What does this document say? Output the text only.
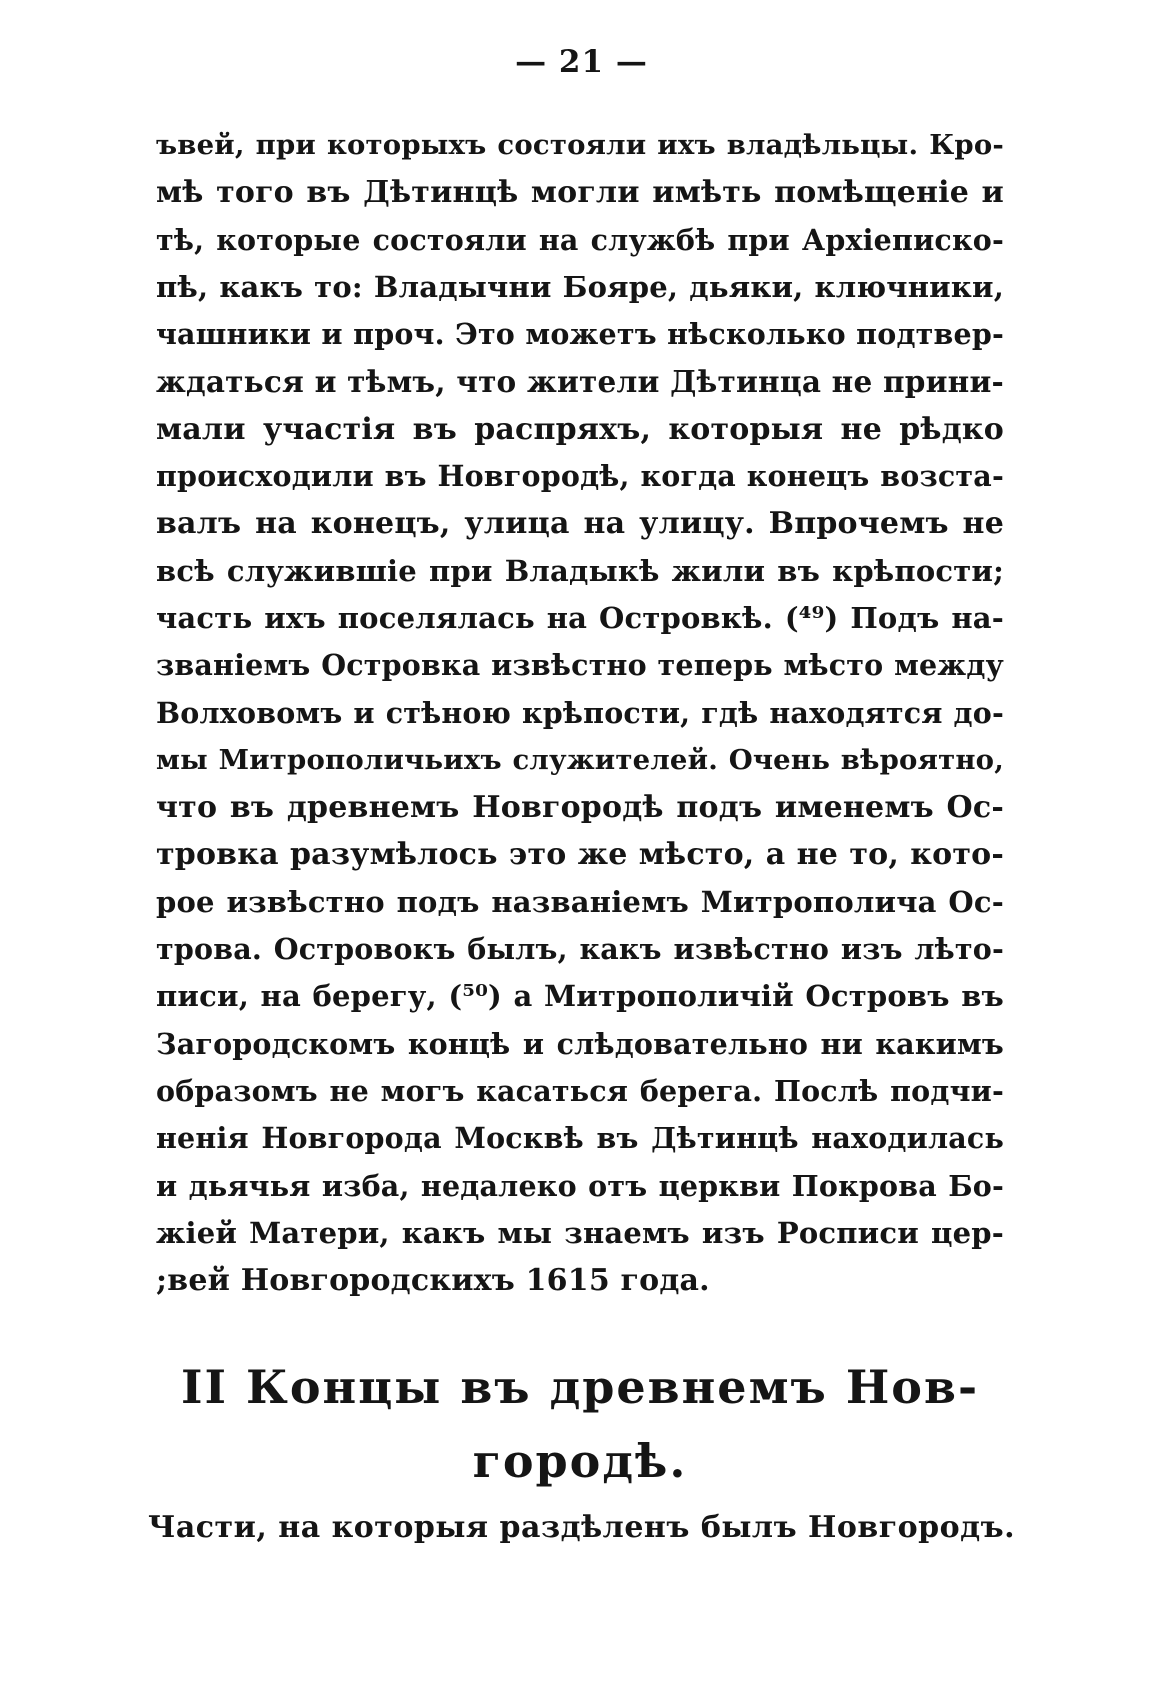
— 21 —
ъвей, при которыхъ состояли ихъ владѣльцы. Кро-
мѣ того въ Дѣтинцѣ могли имѣть помѣщеніе и
тѣ, которые состояли на службѣ при Архіеписко-
пѣ, какъ то: Владычни Бояре, дьяки, ключники,
чашники и проч. Это можетъ нѣсколько подтвер-
ждаться и тѣмъ, что жители Дѣтинца не прини-
мали участія въ распряхъ, которыя не рѣдко
происходили въ Новгородѣ, когда конецъ возста-
валъ на конецъ, улица на улицу. Впрочемъ не
всѣ служившіе при Владыкѣ жили въ крѣпости;
часть ихъ поселялась на Островкѣ. (⁴⁹) Подъ на-
званіемъ Островка извѣстно теперь мѣсто между
Волховомъ и стѣною крѣпости, гдѣ находятся до-
мы Митрополичьихъ служителей. Очень вѣроятно,
что въ древнемъ Новгородѣ подъ именемъ Ос-
тровка разумѣлось это же мѣсто, а не то, кото-
рое извѣстно подъ названіемъ Митрополича Ос-
трова. Островокъ былъ, какъ извѣстно изъ лѣто-
писи, на берегу, (⁵⁰) а Митрополичій Островъ въ
Загородскомъ концѣ и слѣдовательно ни какимъ
образомъ не могъ касаться берега. Послѣ подчи-
ненія Новгорода Москвѣ въ Дѣтинцѣ находилась
и дьячья изба, недалеко отъ церкви Покрова Бо-
жіей Матери, какъ мы знаемъ изъ Росписи цер-
;вей Новгородскихъ 1615 года.
II Концы въ древнемъ Нов-
городѣ.
Части, на которыя раздѣленъ былъ Новгородъ.
